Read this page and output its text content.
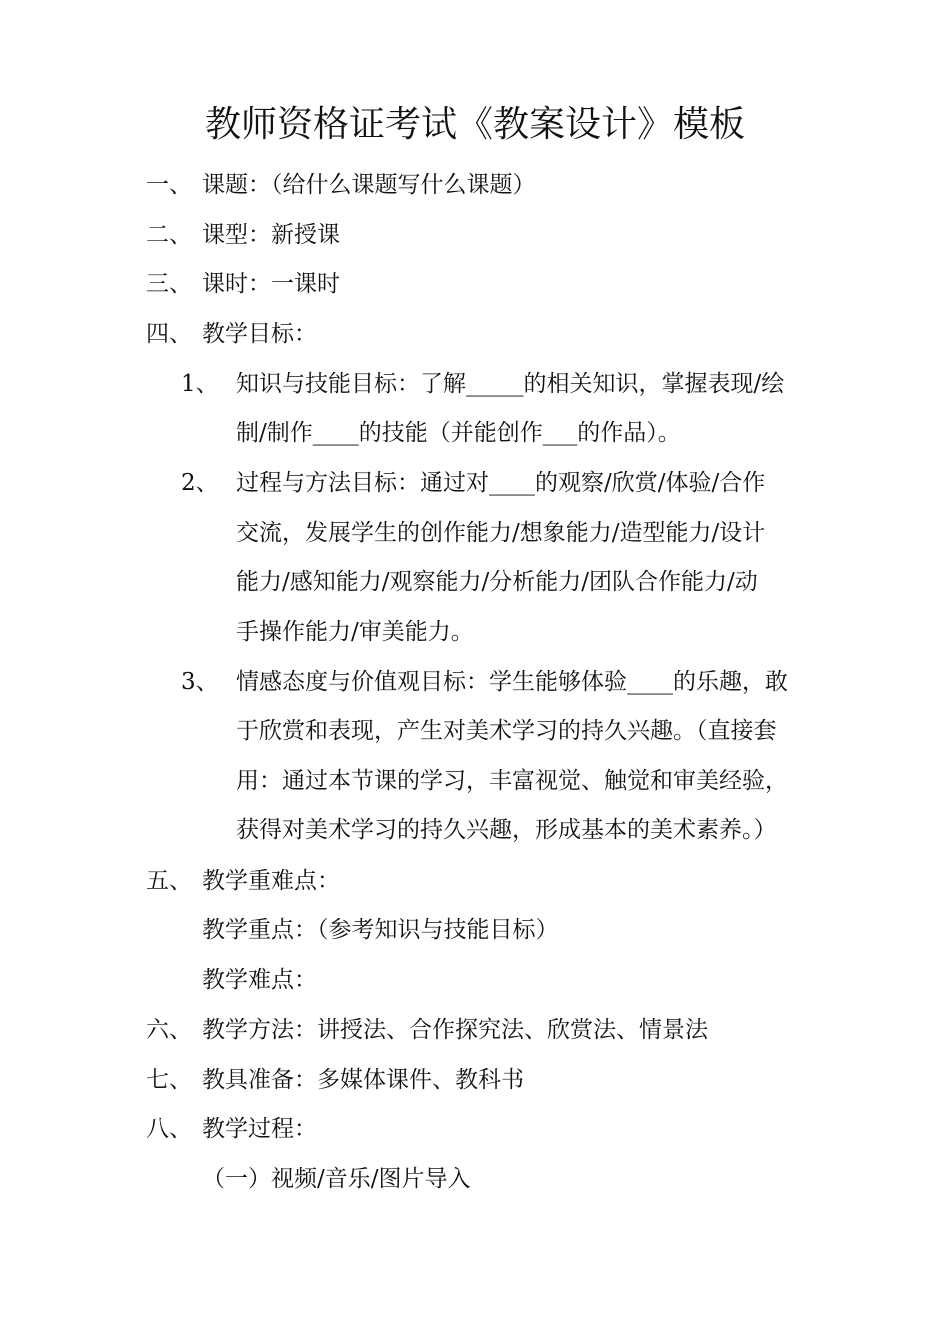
教师资格证考试《教案设计》模板
一、 课题：（给什么课题写什么课题）
二、 课型：新授课
三、 课时：一课时
四、 教学目标：
1、 知识与技能目标：了解_____的相关知识，掌握表现/绘
制/制作____的技能（并能创作___的作品）。
2、 过程与方法目标：通过对____的观察/欣赏/体验/合作
交流，发展学生的创作能力/想象能力/造型能力/设计
能力/感知能力/观察能力/分析能力/团队合作能力/动
手操作能力/审美能力。
3、 情感态度与价值观目标：学生能够体验____的乐趣，敢
于欣赏和表现，产生对美术学习的持久兴趣。（直接套
用：通过本节课的学习，丰富视觉、触觉和审美经验，
获得对美术学习的持久兴趣，形成基本的美术素养。）
五、 教学重难点：
教学重点：（参考知识与技能目标）
教学难点：
六、 教学方法：讲授法、合作探究法、欣赏法、情景法
七、 教具准备：多媒体课件、教科书
八、 教学过程：
（一）视频/音乐/图片导入
